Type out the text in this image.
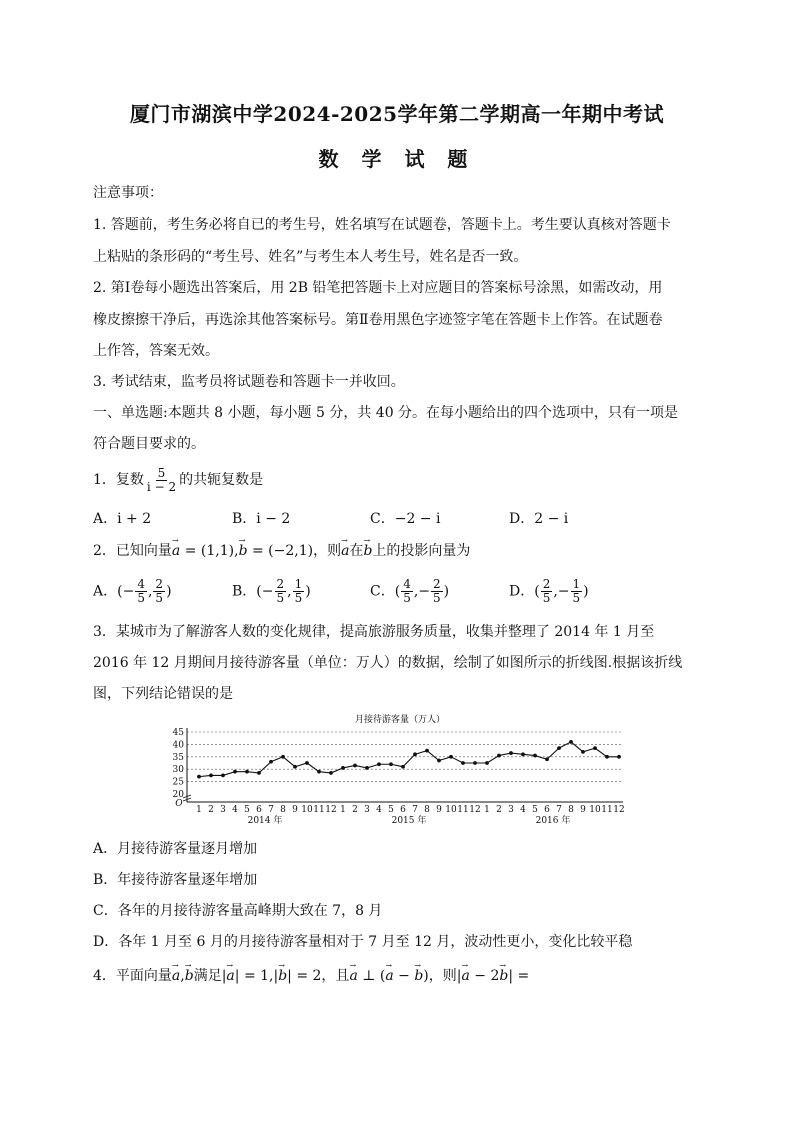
厦门市湖滨中学2024-2025学年第二学期高一年期中考试
数 学 试 题
注意事项：
1. 答题前，考生务必将自已的考生号，姓名填写在试题卷，答题卡上。考生要认真核对答题卡
上粘贴的条形码的“考生号、姓名”与考生本人考生号，姓名是否一致。
2. 第Ⅰ卷每小题选出答案后，用 2B 铅笔把答题卡上对应题目的答案标号涂黑，如需改动，用
橡皮擦擦干净后，再选涂其他答案标号。第Ⅱ卷用黑色字迹签字笔在答题卡上作答。在试题卷
上作答，答案无效。
3. 考试结束，监考员将试题卷和答题卡一并收回。
一、单选题:本题共 8 小题，每小题 5 分，共 40 分。在每小题给出的四个选项中，只有一项是
符合题目要求的。
1．复数 $\frac{5}{i - 2}$ 的共轭复数是
A．i + 2	B．i − 2	C．−2 − i	D．2 − i
2．已知向量→ a = (1,1),→ b = (−2,1)，则→ a在→ b上的投影向量为
A．(− $\frac{4}{5}$ , $\frac{2}{5}$ )	B．(− $\frac{2}{5}$ , $\frac{1}{5}$ )	C．( $\frac{4}{5}$ ,− $\frac{2}{5}$ )	D．( $\frac{2}{5}$ ,− $\frac{1}{5}$ )
3．某城市为了解游客人数的变化规律，提高旅游服务质量，收集并整理了 2014 年 1 月至
2016 年 12 月期间月接待游客量（单位：万人）的数据，绘制了如图所示的折线图.根据该折线
图，下列结论错误的是
月接待游客量（万人）
O
20
25
30
35
40
45
1 2 3 4 5 6 7 8 9 10 11 12 1 2 3 4 5 6 7 8 9 10 11 12 1 2 3 4 5 6 7 8 9 10 11 12
2014 年	2015 年	2016 年
A．月接待游客量逐月增加
B．年接待游客量逐年增加
C．各年的月接待游客量高峰期大致在 7，8 月
D．各年 1 月至 6 月的月接待游客量相对于 7 月至 12 月，波动性更小，变化比较平稳
4．平面向量→ a,→ b满足|→ a| = 1,|→ b| = 2，且→ a ⊥ (→ a − → b)，则|→ a − 2→ b| =
